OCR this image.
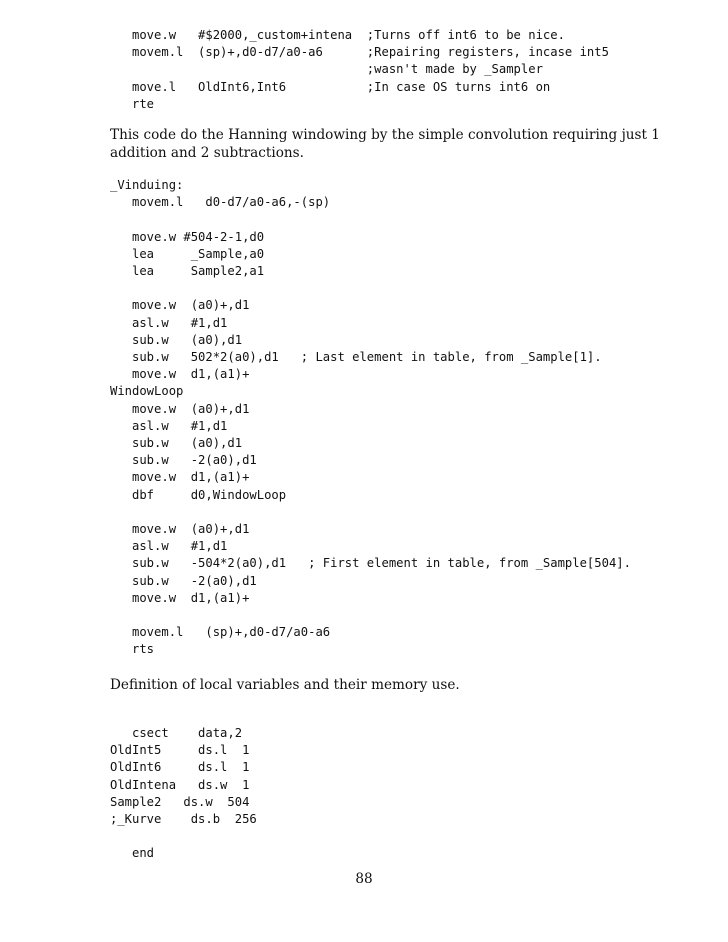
move.w   #$2000,_custom+intena  ;Turns off int6 to be nice.
movem.l  (sp)+,d0-d7/a0-a6      ;Repairing registers, incase int5
;wasn't made by _Sampler
move.l   OldInt6,Int6           ;In case OS turns int6 on
rte
This code do the Hanning windowing by the simple convolution requiring just 1
addition and 2 subtractions.
_Vinduing:
movem.l   d0-d7/a0-a6,-(sp)
move.w #504-2-1,d0
lea     _Sample,a0
lea     Sample2,a1
move.w  (a0)+,d1
asl.w   #1,d1
sub.w   (a0),d1
sub.w   502*2(a0),d1   ; Last element in table, from _Sample[1].
move.w  d1,(a1)+
WindowLoop
move.w  (a0)+,d1
asl.w   #1,d1
sub.w   (a0),d1
sub.w   -2(a0),d1
move.w  d1,(a1)+
dbf     d0,WindowLoop
move.w  (a0)+,d1
asl.w   #1,d1
sub.w   -504*2(a0),d1   ; First element in table, from _Sample[504].
sub.w   -2(a0),d1
move.w  d1,(a1)+
movem.l   (sp)+,d0-d7/a0-a6
rts
Definition of local variables and their memory use.
csect    data,2
OldInt5     ds.l  1
OldInt6     ds.l  1
OldIntena   ds.w  1
Sample2   ds.w  504
;_Kurve    ds.b  256
end
88
